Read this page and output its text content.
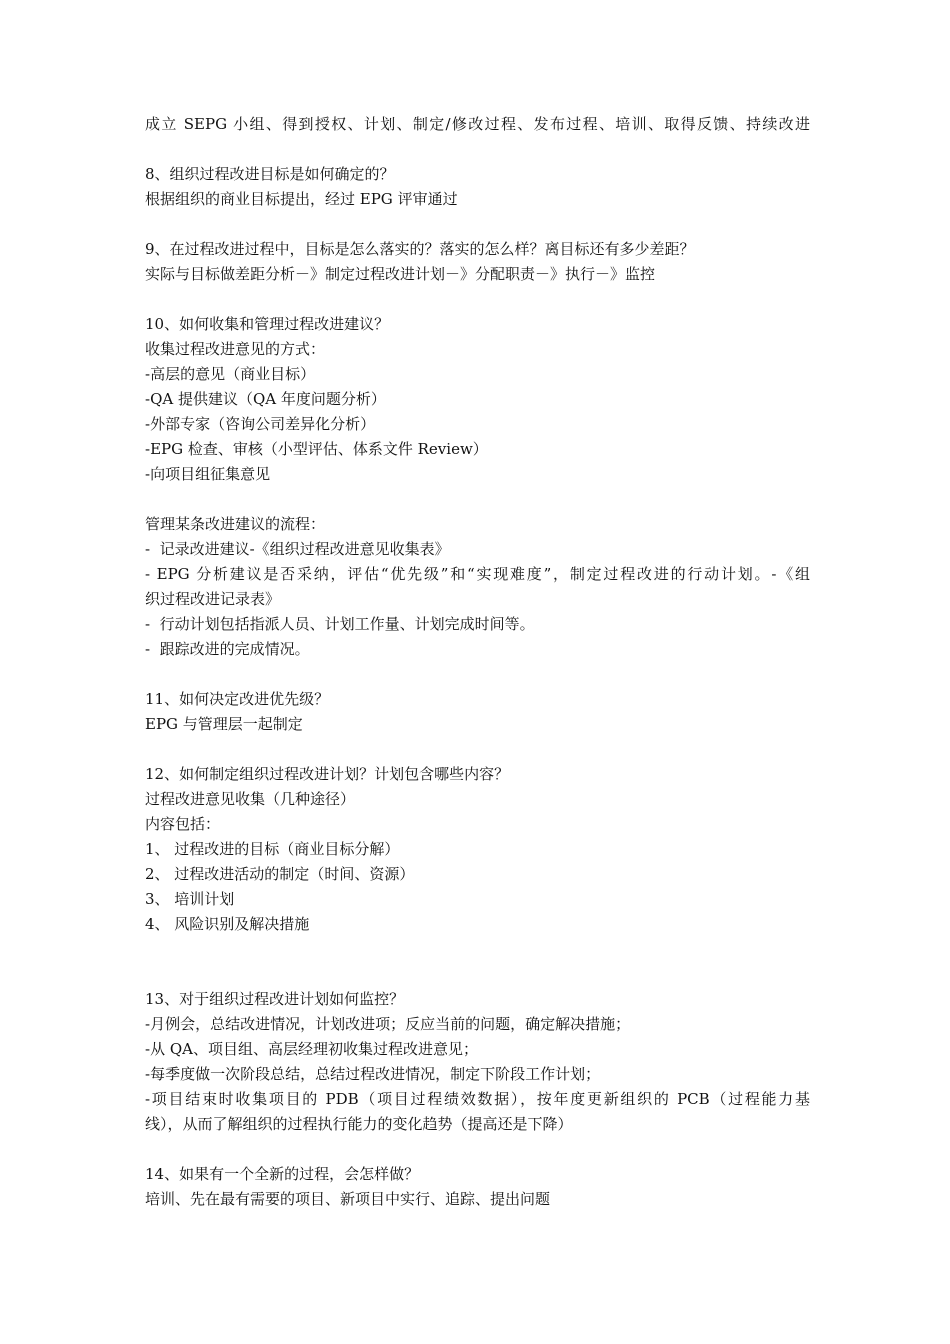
成立 SEPG 小组、得到授权、计划、制定/修改过程、发布过程、培训、取得反馈、持续改进
8、组织过程改进目标是如何确定的？
根据组织的商业目标提出，经过 EPG 评审通过
9、在过程改进过程中，目标是怎么落实的？落实的怎么样？离目标还有多少差距？
实际与目标做差距分析－》制定过程改进计划－》分配职责－》执行－》监控
10、如何收集和管理过程改进建议？
收集过程改进意见的方式：
-高层的意见（商业目标）
-QA 提供建议（QA 年度问题分析）
-外部专家（咨询公司差异化分析）
-EPG 检查、审核（小型评估、体系文件 Review）
-向项目组征集意见
管理某条改进建议的流程：
-  记录改进建议-《组织过程改进意见收集表》
- EPG 分析建议是否采纳，评估“优先级”和“实现难度”，制定过程改进的行动计划。-《组
织过程改进记录表》
-  行动计划包括指派人员、计划工作量、计划完成时间等。
-  跟踪改进的完成情况。
11、如何决定改进优先级？
EPG 与管理层一起制定
12、如何制定组织过程改进计划？计划包含哪些内容？
过程改进意见收集（几种途径）
内容包括：
1、 过程改进的目标（商业目标分解）
2、 过程改进活动的制定（时间、资源）
3、 培训计划
4、 风险识别及解决措施
13、对于组织过程改进计划如何监控？
-月例会，总结改进情况，计划改进项；反应当前的问题，确定解决措施；
-从 QA、项目组、高层经理初收集过程改进意见；
-每季度做一次阶段总结，总结过程改进情况，制定下阶段工作计划；
-项目结束时收集项目的 PDB（项目过程绩效数据），按年度更新组织的 PCB（过程能力基
线），从而了解组织的过程执行能力的变化趋势（提高还是下降）
14、如果有一个全新的过程，会怎样做？
培训、先在最有需要的项目、新项目中实行、追踪、提出问题
